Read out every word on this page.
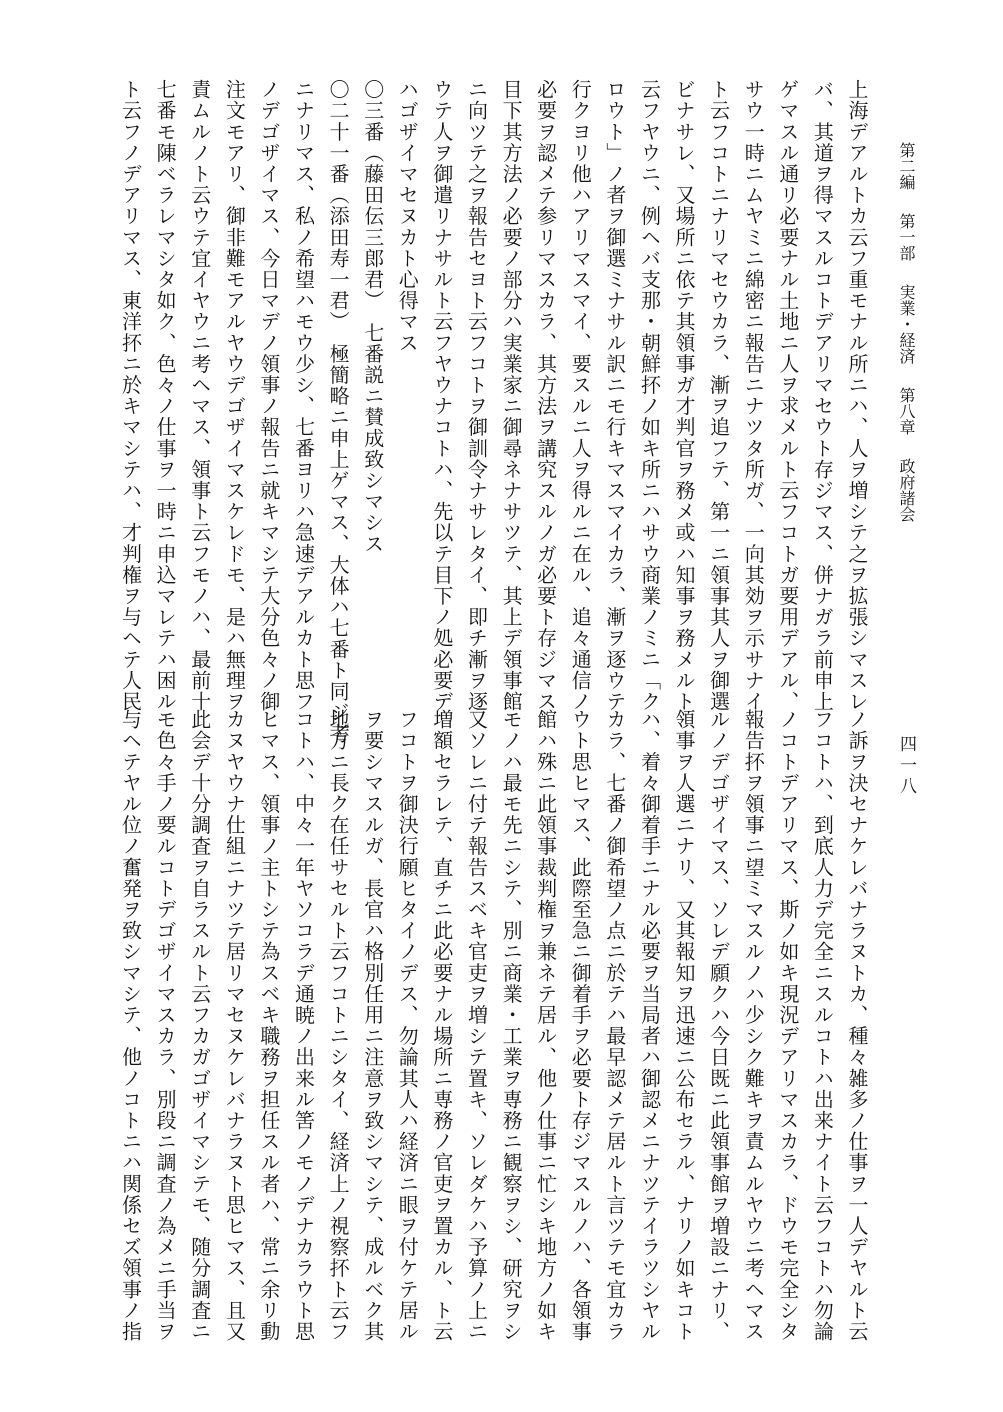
第二編 第一部 実業・経済 第八章 政府諸会
四一八
上海デアルトカ云フ重モナル所ニハ、人ヲ増シテ之ヲ拡張シマスレ
バ、其道ヲ得マスルコトデアリマセウト存ジマス、併ナガラ前申上
ゲマスル通リ必要ナル土地ニ人ヲ求メルト云フコトガ要用デアル、
サウ一時ニムヤミニ綿密ニ報告ニナツタ所ガ、一向其効ヲ示サナイ
ト云フコトニナリマセウカラ、漸ヲ追フテ、第一ニ領事其人ヲ御選
ビナサレ、又場所ニ依テ其領事ガ才判官ヲ務メ或ハ知事ヲ務メルト
云フヤウニ、例ヘバ支那・朝鮮抔ノ如キ所ニハサウ商業ノミニ「ク
ロウト」ノ者ヲ御選ミナサル訳ニモ行キマスマイカラ、漸ヲ逐ウテ
行クヨリ他ハアリマスマイ、要スルニ人ヲ得ルニ在ル、追々通信ノ
必要ヲ認メテ参リマスカラ、其方法ヲ講究スルノガ必要ト存ジマス
目下其方法ノ必要ノ部分ハ実業家ニ御尋ネナサツテ、其上デ領事館
ニ向ツテ之ヲ報告セヨト云フコトヲ御訓令ナサレタイ、即チ漸ヲ逐
ウテ人ヲ御遣リナサルト云フヤウナコトハ、先以テ目下ノ処必要デ
ハゴザイマセヌカト心得マス
〇三番（藤田伝三郎君）　七番説ニ賛成致シマシス
〇二十一番（添田寿一君）　極簡略ニ申上ゲマス、大体ハ七番ト同ジ考
ニナリマス、私ノ希望ハモウ少シ、七番ヨリハ急速デアルカト思フ
ノデゴザイマス、今日マデノ領事ノ報告ニ就キマシテ大分色々ノ御
注文モアリ、御非難モアルヤウデゴザイマスケレドモ、是ハ無理ヲ
責ムルノト云ウテ宜イヤウニ考ヘマス、領事ト云フモノハ、最前十
七番モ陳ベラレマシタ如ク、色々ノ仕事ヲ一時ニ申込マレテハ困ル
ト云フノデアリマス、東洋抔ニ於キマシテハ、才判権ヲ与ヘテ人民
ノ訴ヲ決セナケレバナラヌトカ、種々雑多ノ仕事ヲ一人デヤルト云
フコトハ、到底人力デ完全ニスルコトハ出来ナイト云フコトハ勿論
ノコトデアリマス、斯ノ如キ現況デアリマスカラ、ドウモ完全シタ
報告抔ヲ領事ニ望ミマスルノハ少シク難キヲ責ムルヤウニ考ヘマス
ルノデゴザイマス、ソレデ願クハ今日既ニ此領事館ヲ増設ニナリ、
領事ヲ人選ニナリ、又其報知ヲ迅速ニ公布セラル、ナリノ如キコト
ハ、着々御着手ニナル必要ヲ当局者ハ御認メニナツテイラツシヤル
カラ、七番ノ御希望ノ点ニ於テハ最早認メテ居ルト言ツテモ宜カラ
ウト思ヒマス、此際至急ニ御着手ヲ必要ト存ジマスルノハ、各領事
館ハ殊ニ此領事裁判権ヲ兼ネテ居ル、他ノ仕事ニ忙シキ地方ノ如キ
モノハ最モ先ニシテ、別ニ商業・工業ヲ専務ニ観察ヲシ、研究ヲシ
又ソレニ付テ報告スベキ官吏ヲ増シテ置キ、ソレダケハ予算ノ上ニ
増額セラレテ、直チニ此必要ナル場所ニ専務ノ官吏ヲ置カル、ト云
フコトヲ御決行願ヒタイノデス、勿論其人ハ経済ニ眼ヲ付ケテ居ル
ヲ要シマスルガ、長官ハ格別任用ニ注意ヲ致シマシテ、成ルベク其
地方ニ長ク在任サセルト云フコトニシタイ、経済上ノ視察抔ト云フ
コトハ、中々一年ヤソコラデ通暁ノ出来ル筈ノモノデナカラウト思
ヒマス、領事ノ主トシテ為スベキ職務ヲ担任スル者ハ、常ニ余リ動
カヌヤウナ仕組ニナツテ居リマセヌケレバナラヌト思ヒマス、且又
此会デ十分調査ヲ自ラスルト云フカガゴザイマシテモ、随分調査ニ
モ色々手ノ要ルコトデゴザイマスカラ、別段ニ調査ノ為メニ手当ヲ
与ヘテヤル位ノ奮発ヲ致シマシテ、他ノコトニハ関係セズ領事ノ指
